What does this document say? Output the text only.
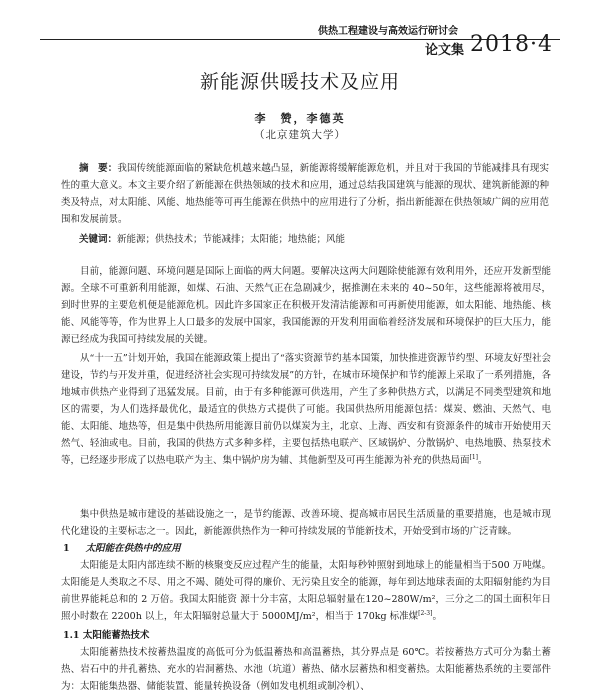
供热工程建设与高效运行研讨会
论文集 2018·4
新能源供暖技术及应用
李　赞，李德英
（北京建筑大学）
摘　要：我国传统能源面临的紧缺危机越来越凸显，新能源将缓解能源危机，并且对于我国的节能减排具有现实性的重大意义。本文主要介绍了新能源在供热领域的技术和应用，通过总结我国建筑与能源的现状、建筑新能源的种类及特点，对太阳能、风能、地热能等可再生能源在供热中的应用进行了分析，指出新能源在供热领域广阔的应用范围和发展前景。
关键词：新能源；供热技术；节能减排；太阳能；地热能；风能

目前，能源问题、环境问题是国际上面临的两大问题。要解决这两大问题除使能源有效利用外，还应开发新型能源。全球不可重新利用能源，如煤、石油、天然气正在急剧减少，据推测在未来的 40~50年，这些能源将被用尽，到时世界的主要危机便是能源危机。因此许多国家正在积极开发清洁能源和可再新使用能源，如太阳能、地热能、核能、风能等等，作为世界上人口最多的发展中国家，我国能源的开发利用面临着经济发展和环境保护的巨大压力，能源已经成为我国可持续发展的关键。

从“十一五”计划开始，我国在能源政策上提出了“落实资源节约基本国策，加快推进资源节约型、环境友好型社会建设，节约与开发并重，促进经济社会实现可持续发展”的方针，在城市环境保护和节约能源上采取了一系列措施，各地城市供热产业得到了迅猛发展。目前，由于有多种能源可供选用，产生了多种供热方式，以满足不同类型建筑和地区的需要，为人们选择最优化，最适宜的供热方式提供了可能。我国供热所用能源包括：煤炭、燃油、天然气、电能、太阳能、地热等，但是集中供热所用能源目前仍以煤炭为主，北京、上海、西安和有资源条件的城市开始使用天然气、轻油或电。目前，我国的供热方式多种多样，主要包括热电联产、区域锅炉、分散锅炉、电热地膜、热泵技术等，已经逐步形成了以热电联产为主、集中锅炉房为辅、其他新型及可再生能源为补充的供热局面[1]。

集中供热是城市建设的基础设施之一，是节约能源、改善环境、提高城市居民生活质量的重要措施，也是城市现代化建设的主要标志之一。因此，新能源供热作为一种可持续发展的节能新技术，开始受到市场的广泛青睐。

1 太阳能在供热中的应用

太阳能是太阳内部连续不断的核聚变反应过程产生的能量，太阳每秒钟照射到地球上的能量相当于500 万吨煤。太阳能是人类取之不尽、用之不竭、随处可得的廉价、无污染且安全的能源，每年到达地球表面的太阳辐射能约为目前世界能耗总和的 2 万倍。我国太阳能资 源十分丰富，太阳总辐射量在120~280W/m²，三分之二的国土面积年日照小时数在 2200h 以上，年太阳辐射总量大于 5000MJ/m²，相当于 170kg 标准煤[2-3]。

1.1 太阳能蓄热技术

太阳能蓄热技术按蓄热温度的高低可分为低温蓄热和高温蓄热，其分界点是 60℃。若按蓄热方式可分为黏土蓄热、岩石中的井孔蓄热、充水的岩洞蓄热、水池（坑道）蓄热、储水层蓄热和相变蓄热。太阳能蓄热系统的主要部件为：太阳能集热器、储能装置、能量转换设备（例如发电机组或制冷机）、
